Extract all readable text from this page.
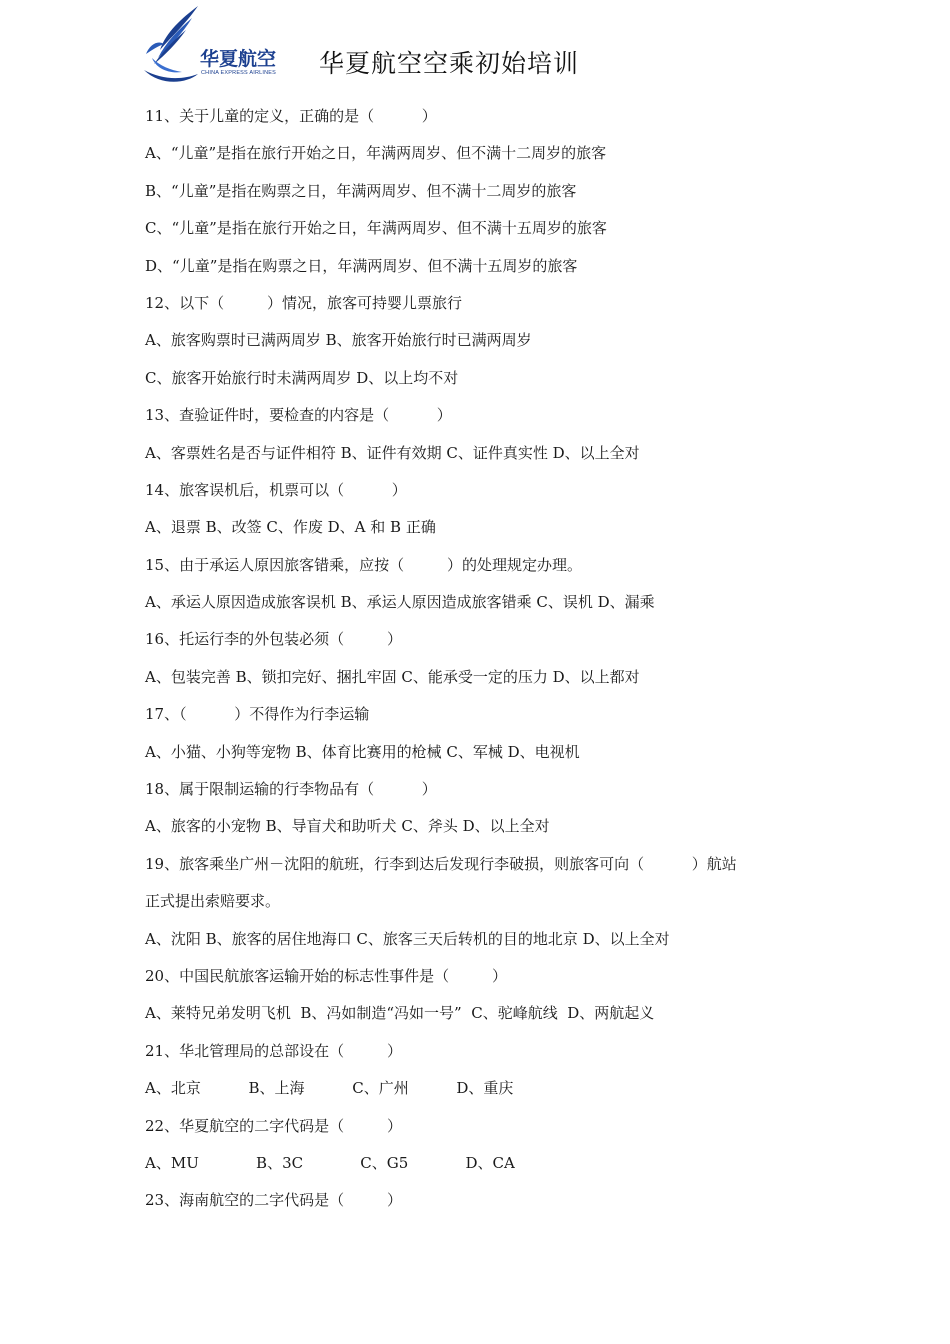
华夏航空
CHINA EXPRESS AIRLINES 华夏航空空乘初始培训
11、关于儿童的定义，正确的是（          ）
A、“儿童”是指在旅行开始之日，年满两周岁、但不满十二周岁的旅客
B、“儿童”是指在购票之日，年满两周岁、但不满十二周岁的旅客
C、“儿童”是指在旅行开始之日，年满两周岁、但不满十五周岁的旅客
D、“儿童”是指在购票之日，年满两周岁、但不满十五周岁的旅客
12、以下（         ）情况，旅客可持婴儿票旅行
A、旅客购票时已满两周岁 B、旅客开始旅行时已满两周岁
C、旅客开始旅行时未满两周岁 D、以上均不对
13、查验证件时，要检查的内容是（          ）
A、客票姓名是否与证件相符 B、证件有效期 C、证件真实性 D、以上全对
14、旅客误机后，机票可以（          ）
A、退票 B、改签 C、作废 D、A 和 B 正确
15、由于承运人原因旅客错乘，应按（         ）的处理规定办理。
A、承运人原因造成旅客误机 B、承运人原因造成旅客错乘 C、误机 D、漏乘
16、托运行李的外包装必须（         ）
A、包装完善 B、锁扣完好、捆扎牢固 C、能承受一定的压力 D、以上都对
17、（          ）不得作为行李运输
A、小猫、小狗等宠物 B、体育比赛用的枪械 C、军械 D、电视机
18、属于限制运输的行李物品有（          ）
A、旅客的小宠物 B、导盲犬和助听犬 C、斧头 D、以上全对
19、旅客乘坐广州－沈阳的航班，行李到达后发现行李破损，则旅客可向（          ）航站
正式提出索赔要求。
A、沈阳 B、旅客的居住地海口 C、旅客三天后转机的目的地北京 D、以上全对
20、中国民航旅客运输开始的标志性事件是（         ）
A、莱特兄弟发明飞机  B、冯如制造“冯如一号”  C、驼峰航线  D、两航起义
21、华北管理局的总部设在（         ）
A、北京          B、上海          C、广州          D、重庆
22、华夏航空的二字代码是（         ）
A、MU            B、3C            C、G5            D、CA
23、海南航空的二字代码是（         ）
